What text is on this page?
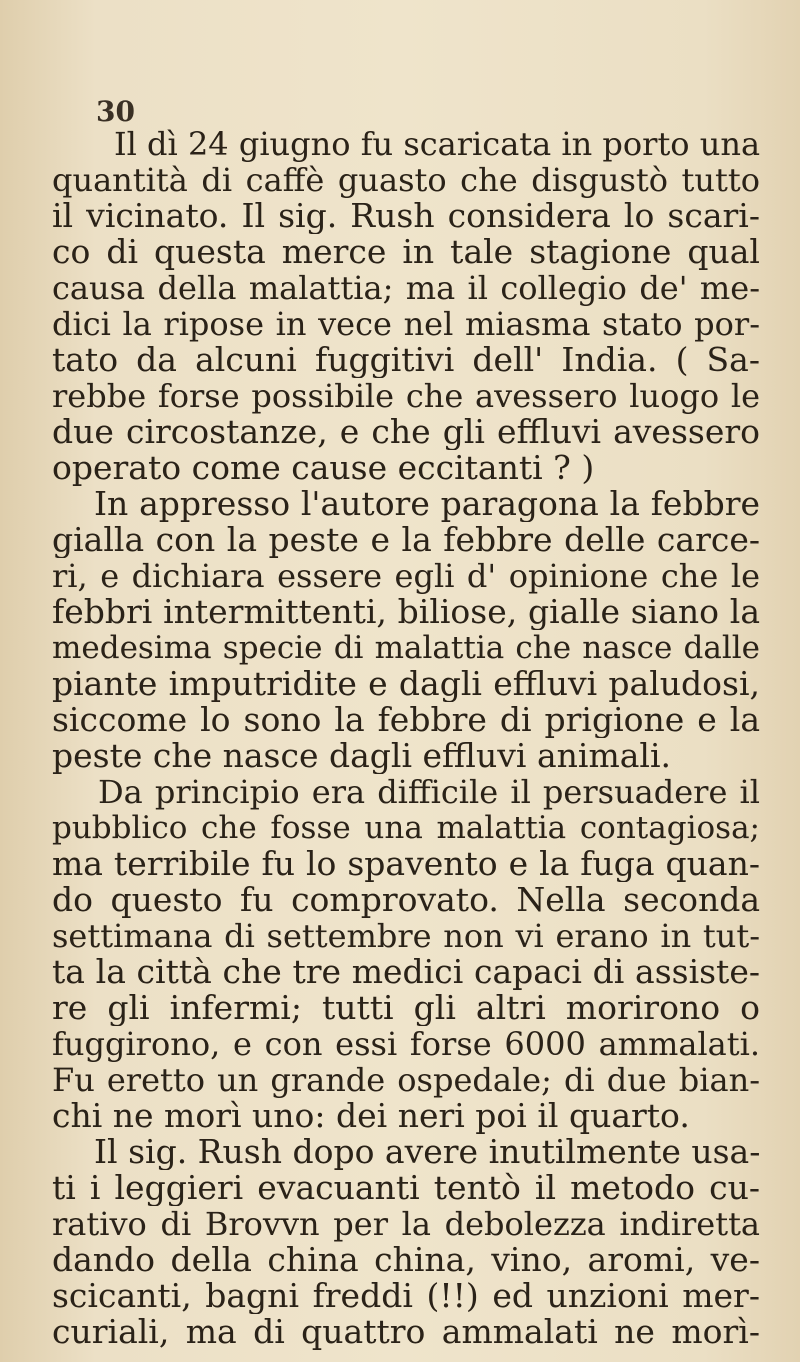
30
Il dì 24 giugno fu scaricata in porto una
quantità di caffè guasto che disgustò tutto
il vicinato. Il sig. Rush considera lo scari-
co di questa merce in tale stagione qual
causa della malattia; ma il collegio de' me-
dici la ripose in vece nel miasma stato por-
tato da alcuni fuggitivi dell' India. ( Sa-
rebbe forse possibile che avessero luogo le
due circostanze, e che gli effluvi avessero
operato come cause eccitanti ? )
In appresso l'autore paragona la febbre
gialla con la peste e la febbre delle carce-
ri, e dichiara essere egli d' opinione che le
febbri intermittenti, biliose, gialle siano la
medesima specie di malattia che nasce dalle
piante imputridite e dagli effluvi paludosi,
siccome lo sono la febbre di prigione e la
peste che nasce dagli effluvi animali.
Da principio era difficile il persuadere il
pubblico che fosse una malattia contagiosa;
ma terribile fu lo spavento e la fuga quan-
do questo fu comprovato. Nella seconda
settimana di settembre non vi erano in tut-
ta la città che tre medici capaci di assiste-
re gli infermi; tutti gli altri morirono o
fuggirono, e con essi forse 6000 ammalati.
Fu eretto un grande ospedale; di due bian-
chi ne morì uno: dei neri poi il quarto.
Il sig. Rush dopo avere inutilmente usa-
ti i leggieri evacuanti tentò il metodo cu-
rativo di Brovvn per la debolezza indiretta
dando della china china, vino, aromi, ve-
scicanti, bagni freddi (!!) ed unzioni mer-
curiali, ma di quattro ammalati ne morì-
